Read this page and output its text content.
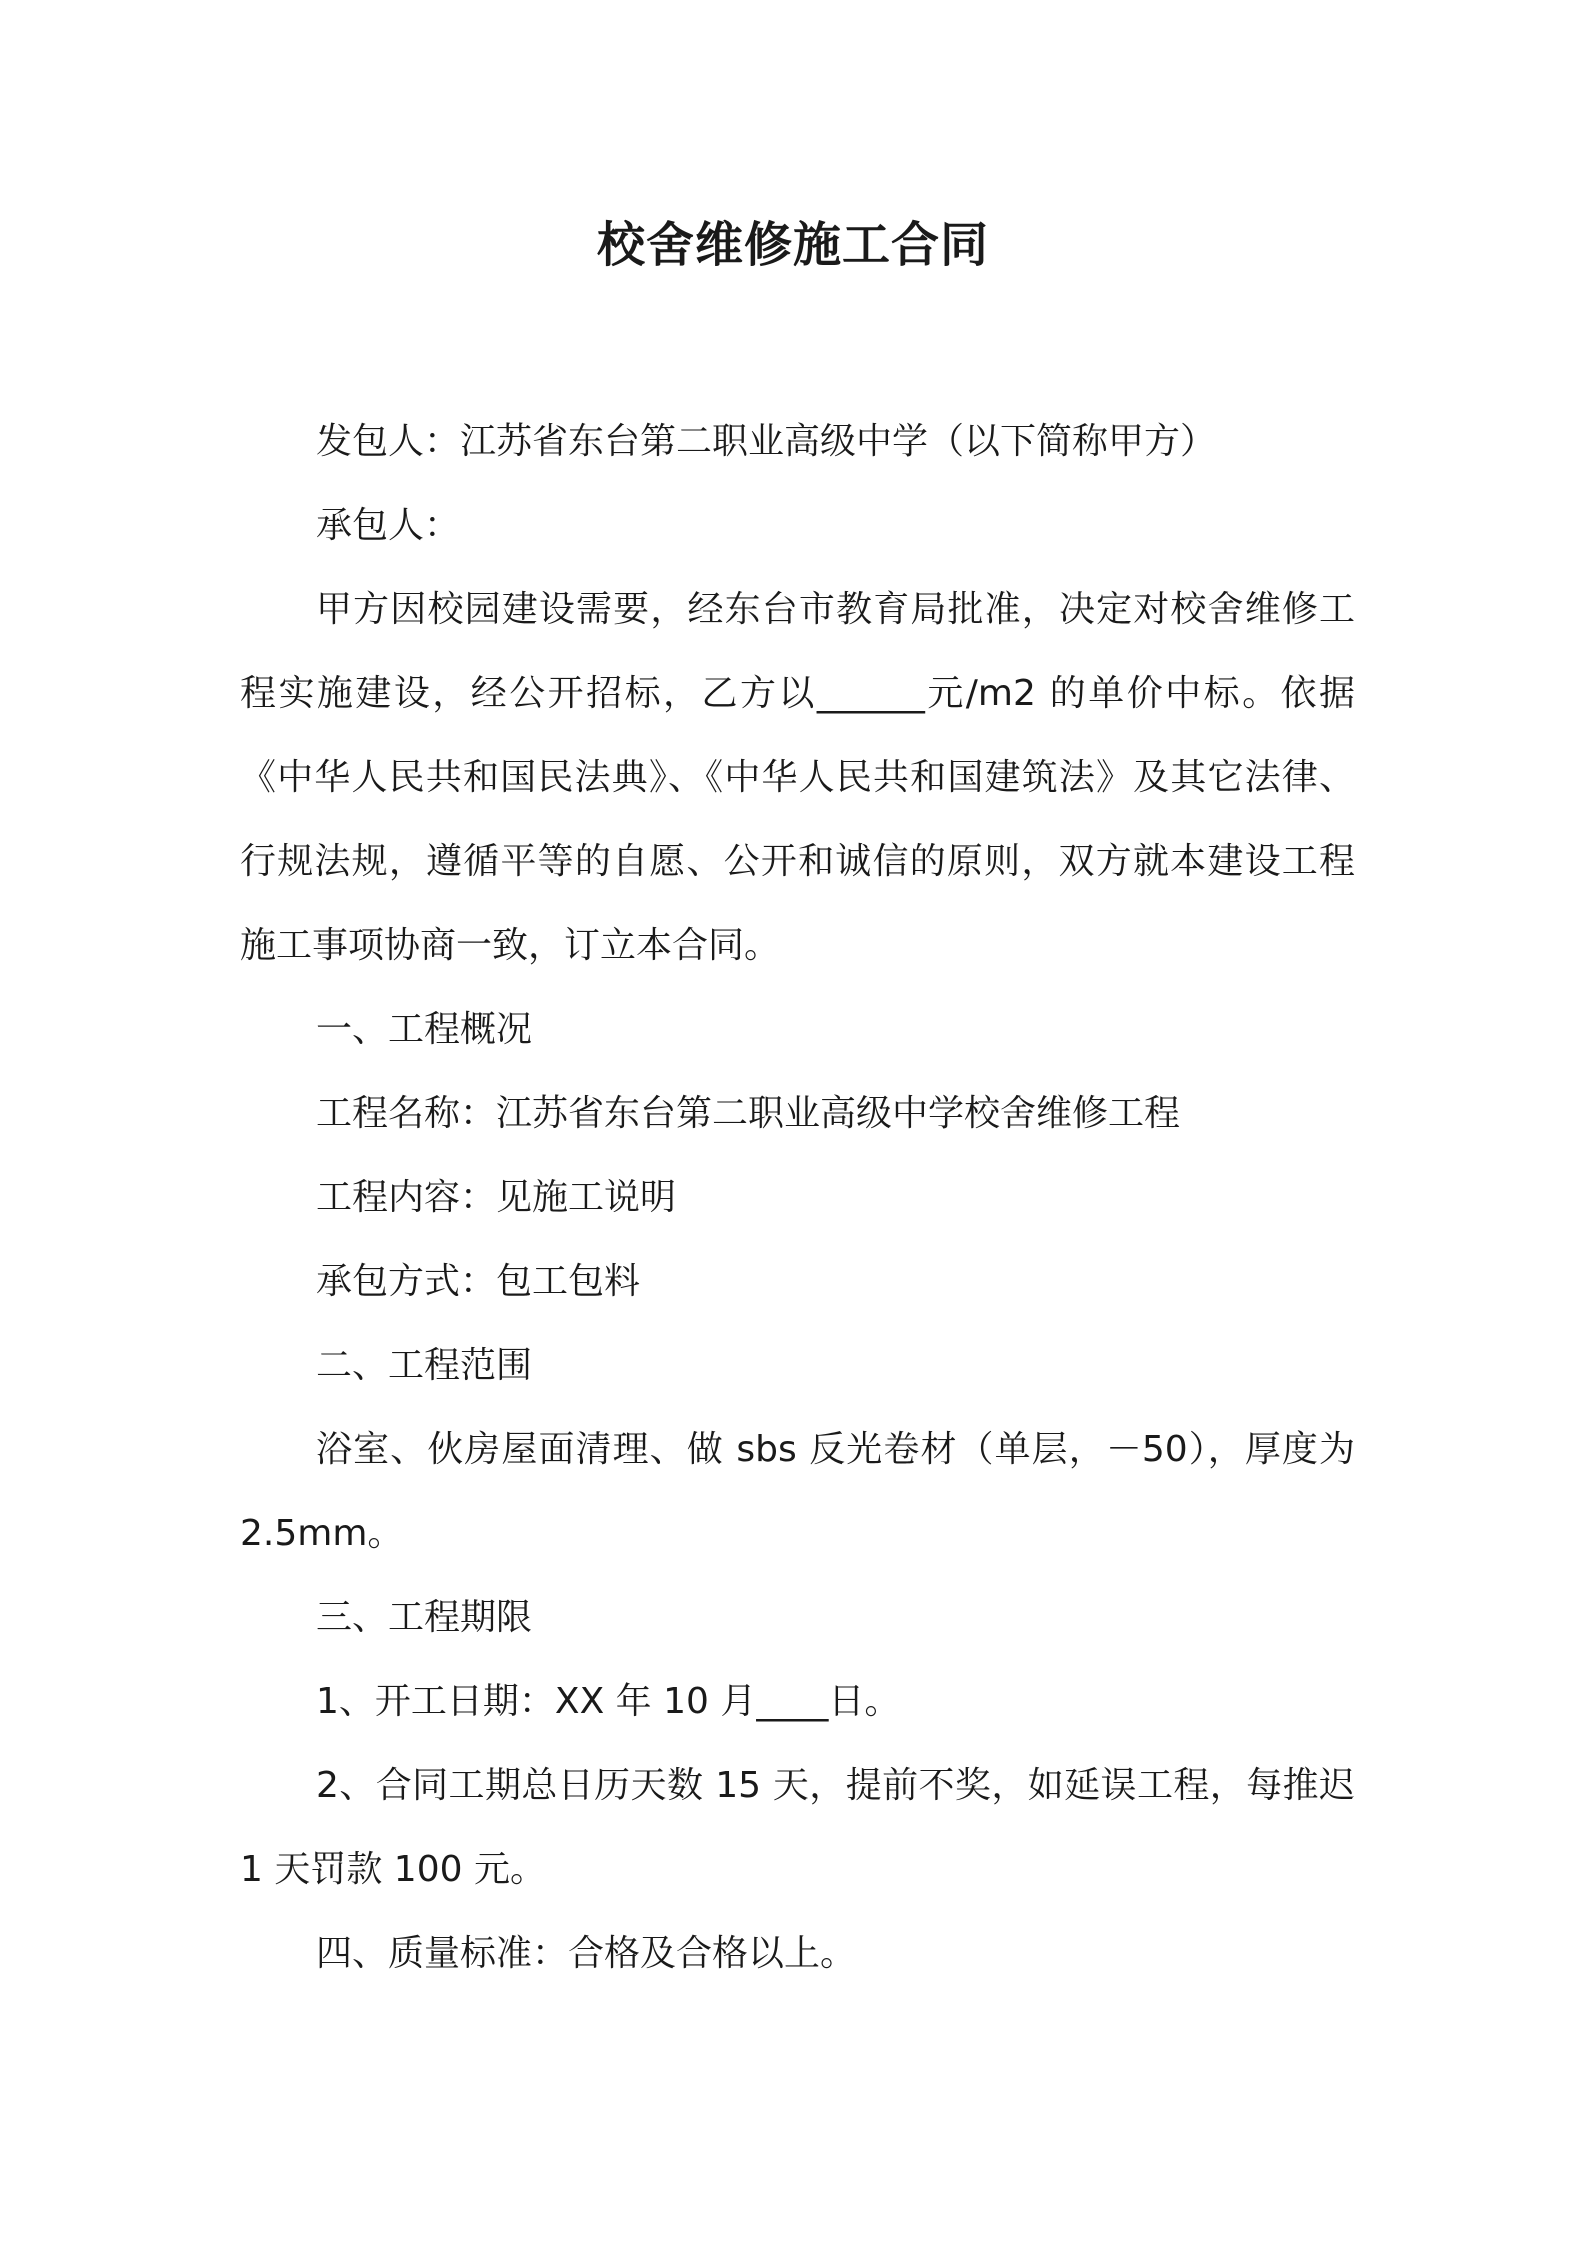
校舍维修施工合同

发包人：江苏省东台第二职业高级中学（以下简称甲方）

承包人：

甲方因校园建设需要，经东台市教育局批准，决定对校舍维修工程实施建设，经公开招标，乙方以______元/m2 的单价中标。依据《中华人民共和国民法典》、《中华人民共和国建筑法》及其它法律、行规法规，遵循平等的自愿、公开和诚信的原则，双方就本建设工程施工事项协商一致，订立本合同。

一、工程概况

工程名称：江苏省东台第二职业高级中学校舍维修工程

工程内容：见施工说明

承包方式：包工包料

二、工程范围

浴室、伙房屋面清理、做 sbs 反光卷材（单层，－50），厚度为 2.5mm。

三、工程期限

1、开工日期：XX 年 10 月____日。

2、合同工期总日历天数 15 天，提前不奖，如延误工程，每推迟 1 天罚款 100 元。

四、质量标准：合格及合格以上。
